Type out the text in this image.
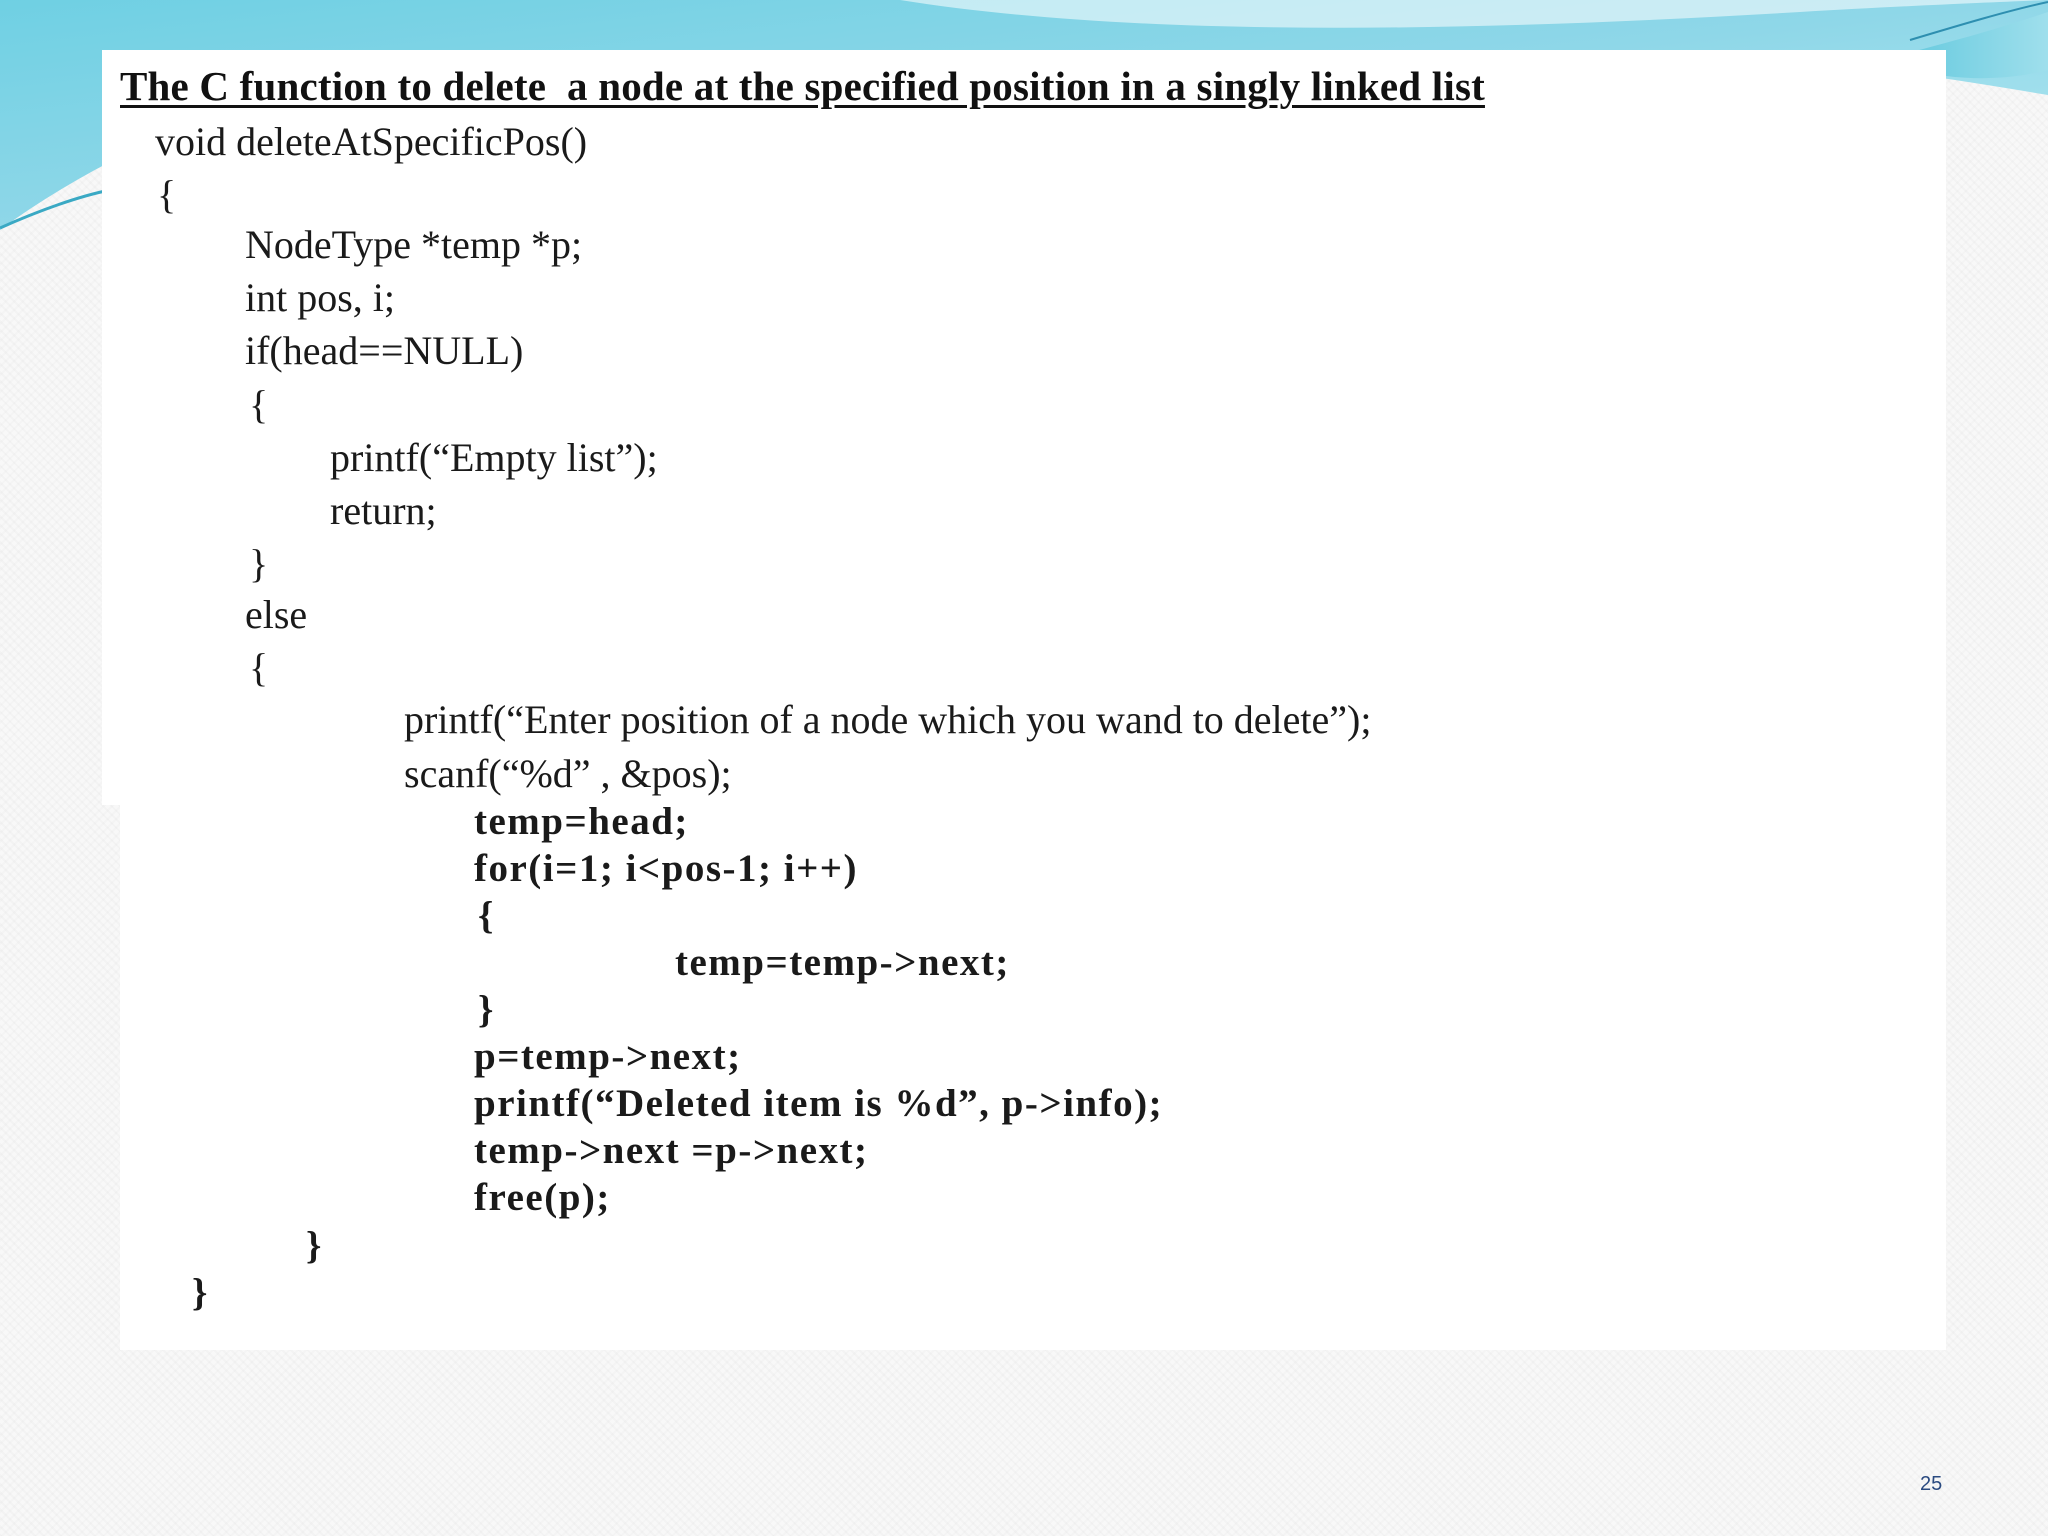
The C function to delete  a node at the specified position in a singly linked list
void deleteAtSpecificPos()
{
NodeType *temp *p;
int pos, i;
if(head==NULL)
{
printf(“Empty list”);
return;
}
else
{
printf(“Enter position of a node which you wand to delete”);
scanf(“%d” , &pos);
temp=head;
for(i=1; i<pos-1; i++)
{
temp=temp->next;
}
p=temp->next;
printf(“Deleted item is %d”, p->info);
temp->next =p->next;
free(p);
}
}
25
